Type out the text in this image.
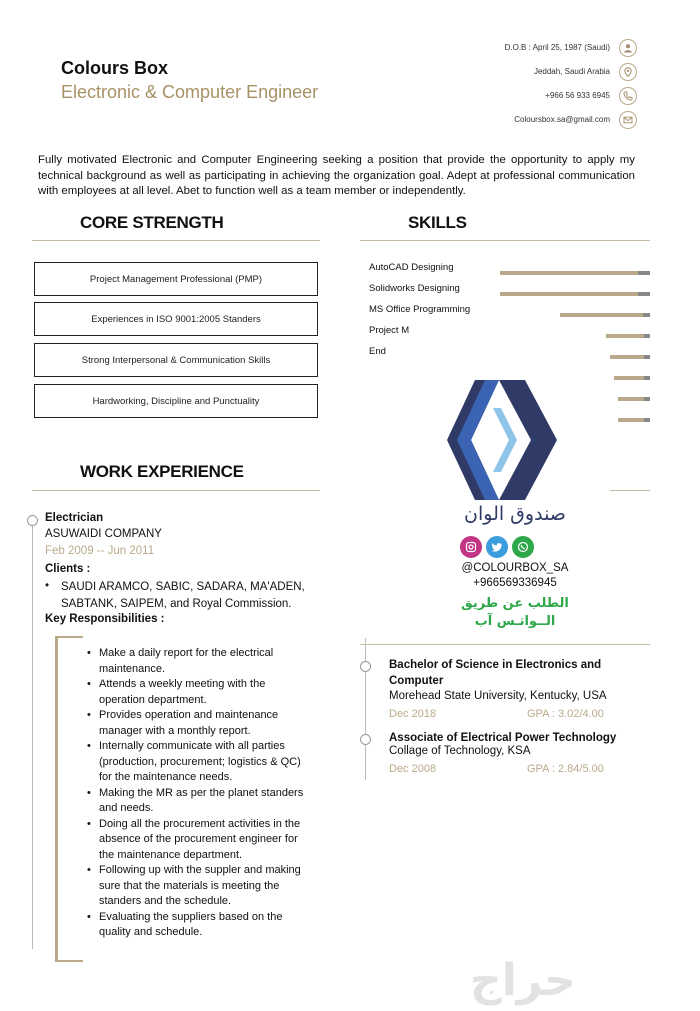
Colours Box
Electronic & Computer Engineer
D.O.B : April 25, 1987 (Saudi)
Jeddah, Saudi Arabia
+966 56 933 6945
Coloursbox.sa@gmail.com
Fully motivated Electronic and Computer Engineering seeking a position that provide the opportunity to apply my technical background as well as participating in achieving the organization goal. Adept at professional communication with employees at all level. Abet to function well as a team member or independently.
CORE STRENGTH
Project Management Professional (PMP)
Experiences in ISO 9001:2005 Standers
Strong Interpersonal & Communication Skills
Hardworking, Discipline and Punctuality
SKILLS
AutoCAD Designing
Solidworks Designing
MS Office Programming
Project M
End
WORK EXPERIENCE
Electrician
ASUWAIDI COMPANY
Feb 2009 -- Jun 2011
Clients :
• SAUDI ARAMCO, SABIC, SADARA, MA'ADEN, SABTANK, SAIPEM, and Royal Commission.
Key Responsibilities :
• Make a daily report for the electrical maintenance.
• Attends a weekly meeting with the operation department.
• Provides operation and maintenance manager with a monthly report.
• Internally communicate with all parties (production, procurement; logistics & QC) for the maintenance needs.
• Making the MR as per the planet standers and needs.
• Doing all the procurement activities in the absence of the procurement engineer for the maintenance department.
• Following up with the suppler and making sure that the materials is meeting the standers and the schedule.
• Evaluating the suppliers based on the quality and schedule.
Bachelor of Science in Electronics and Computer
Morehead State University, Kentucky, USA
Dec 2018	GPA : 3.02/4.00
Associate of Electrical Power Technology
Collage of Technology, KSA
Dec 2008	GPA : 2.84/5.00
صندوق الوان
@COLOURBOX_SA
+966569336945
الطلب عن طريق
الــواتـس آب
حراج
